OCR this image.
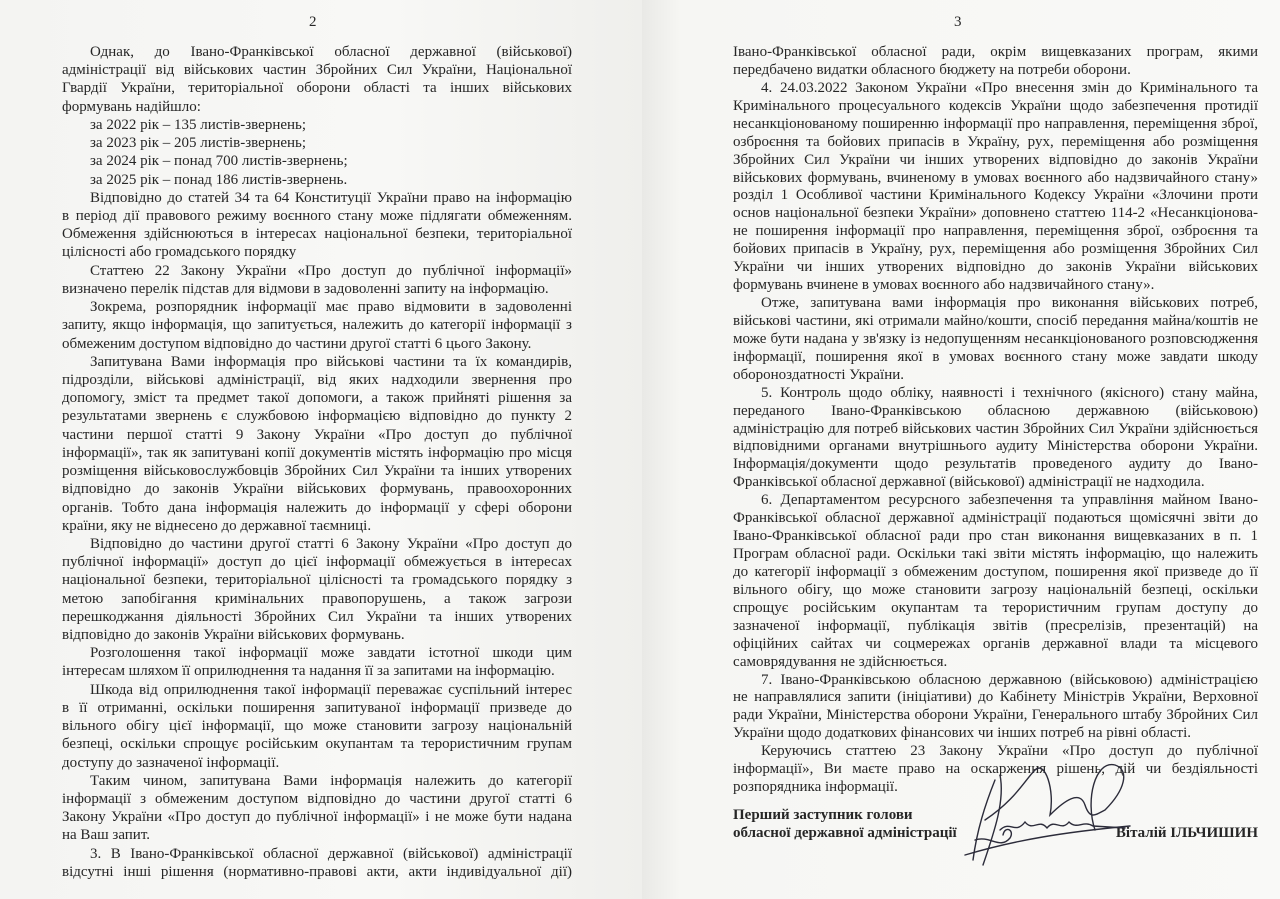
2
Однак, до Івано-Франківської обласної державної (військової)
адміністрації від військових частин Збройних Сил України, Національної
Гвардії України, територіальної оборони області та інших військових
формувань надійшло:
за 2022 рік – 135 листів-звернень;
за 2023 рік – 205 листів-звернень;
за 2024 рік – понад 700 листів-звернень;
за 2025 рік – понад 186 листів-звернень.
Відповідно до статей 34 та 64 Конституції України право на інформацію
в період дії правового режиму воєнного стану може підлягати обмеженням.
Обмеження здійснюються в інтересах національної безпеки, територіальної
цілісності або громадського порядку
Статтею 22 Закону України «Про доступ до публічної інформації»
визначено перелік підстав для відмови в задоволенні запиту на інформацію.
Зокрема, розпорядник інформації має право відмовити в задоволенні
запиту, якщо інформація, що запитується, належить до категорії інформації з
обмеженим доступом відповідно до частини другої статті 6 цього Закону.
Запитувана Вами інформація про військові частини та їх командирів,
підрозділи, військові адміністрації, від яких надходили звернення про
допомогу, зміст та предмет такої допомоги, а також прийняті рішення за
результатами звернень є службовою інформацією відповідно до пункту 2
частини першої статті 9 Закону України «Про доступ до публічної
інформації», так як запитувані копії документів містять інформацію про місця
розміщення військовослужбовців Збройних Сил України та інших утворених
відповідно до законів України військових формувань, правоохоронних
органів. Тобто дана інформація належить до інформації у сфері оборони
країни, яку не віднесено до державної таємниці.
Відповідно до частини другої статті 6 Закону України «Про доступ до
публічної інформації» доступ до цієї інформації обмежується в інтересах
національної безпеки, територіальної цілісності та громадського порядку з
метою запобігання кримінальних правопорушень, а також загрози
перешкоджання діяльності Збройних Сил України та інших утворених
відповідно до законів України військових формувань.
Розголошення такої інформації може завдати істотної шкоди цим
інтересам шляхом її оприлюднення та надання її за запитами на інформацію.
Шкода від оприлюднення такої інформації переважає суспільний інтерес
в її отриманні, оскільки поширення запитуваної інформації призведе до
вільного обігу цієї інформації, що може становити загрозу національній
безпеці, оскільки спрощує російським окупантам та терористичним групам
доступу до зазначеної інформації.
Таким чином, запитувана Вами інформація належить до категорії
інформації з обмеженим доступом відповідно до частини другої статті 6
Закону України «Про доступ до публічної інформації» і не може бути надана
на Ваш запит.
3. В Івано-Франківської обласної державної (військової) адміністрації
відсутні інші рішення (нормативно-правові акти, акти індивідуальної дії)
3
Івано-Франківської обласної ради, окрім вищевказаних програм, якими
передбачено видатки обласного бюджету на потреби оборони.
4. 24.03.2022 Законом України «Про внесення змін до Кримінального та
Кримінального процесуального кодексів України щодо забезпечення протидії
несанкціонованому поширенню інформації про направлення, переміщення зброї,
озброєння та бойових припасів в Україну, рух, переміщення або розміщення
Збройних Сил України чи інших утворених відповідно до законів України
військових формувань, вчиненому в умовах воєнного або надзвичайного стану»
розділ 1 Особливої частини Кримінального Кодексу України «Злочини проти
основ національної безпеки України» доповнено статтею 114-2 «Несанкціонова-
не поширення інформації про направлення, переміщення зброї, озброєння та
бойових припасів в Україну, рух, переміщення або розміщення Збройних Сил
України чи інших утворених відповідно до законів України військових
формувань вчинене в умовах воєнного або надзвичайного стану».
Отже, запитувана вами інформація про виконання військових потреб,
військові частини, які отримали майно/кошти, спосіб передання майна/коштів не
може бути надана у зв'язку із недопущенням несанкціонованого розповсюдження
інформації, поширення якої в умовах воєнного стану може завдати шкоду
обороноздатності України.
5. Контроль щодо обліку, наявності і технічного (якісного) стану майна,
переданого Івано-Франківською обласною державною (військовою)
адміністрацію для потреб військових частин Збройних Сил України здійснюється
відповідними органами внутрішнього аудиту Міністерства оборони України.
Інформація/документи щодо результатів проведеного аудиту до Івано-
Франківської обласної державної (військової) адміністрації не надходила.
6. Департаментом ресурсного забезпечення та управління майном Івано-
Франківської обласної державної адміністрації подаються щомісячні звіти до
Івано-Франківської обласної ради про стан виконання вищевказаних в п. 1
Програм обласної ради. Оскільки такі звіти містять інформацію, що належить
до категорії інформації з обмеженим доступом, поширення якої призведе до її
вільного обігу, що може становити загрозу національній безпеці, оскільки
спрощує російським окупантам та терористичним групам доступу до
зазначеної інформації, публікація звітів (пресрелізів, презентацій) на
офіційних сайтах чи соцмережах органів державної влади та місцевого
самоврядування не здійснюється.
7. Івано-Франківською обласною державною (військовою) адміністрацією
не направлялися запити (ініціативи) до Кабінету Міністрів України, Верховної
ради України, Міністерства оборони України, Генерального штабу Збройних Сил
України щодо додаткових фінансових чи інших потреб на рівні області.
Керуючись статтею 23 Закону України «Про доступ до публічної
інформації», Ви маєте право на оскарження рішень, дій чи бездіяльності
розпорядника інформації.
Перший заступник голови
обласної державної адміністрації	Віталій ІЛЬЧИШИН
